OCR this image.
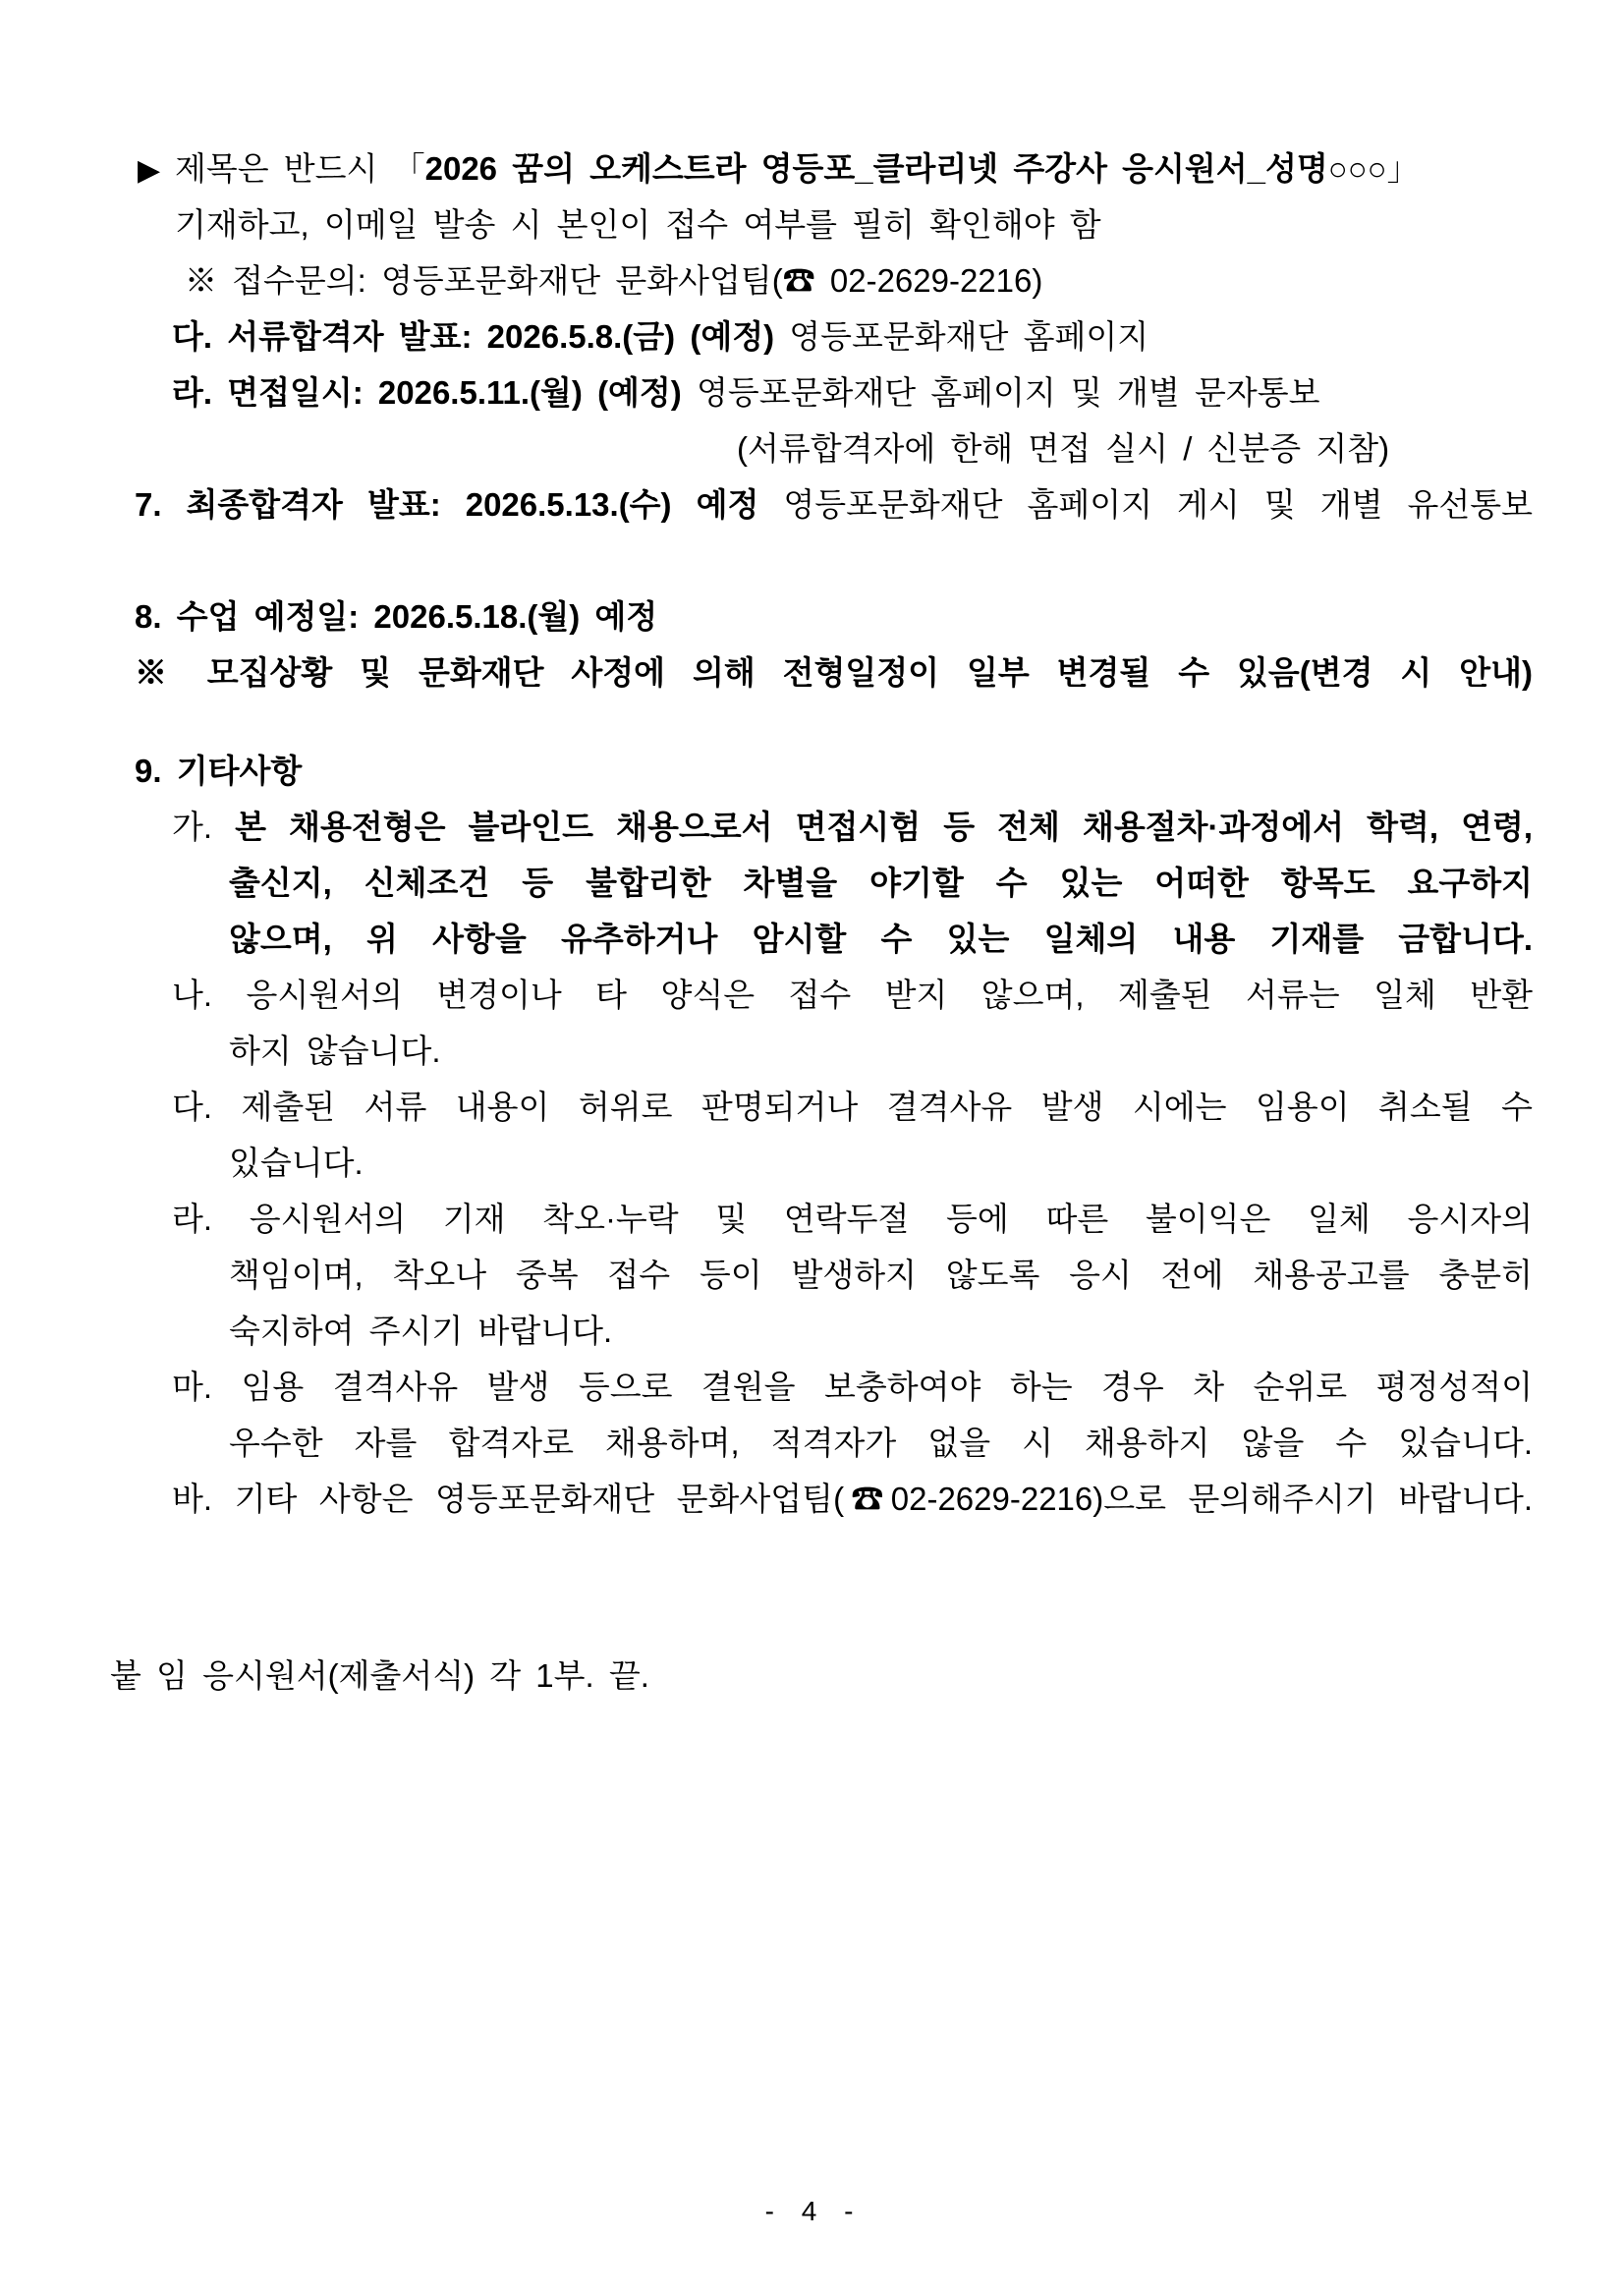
▶ 제목은 반드시 「2026 꿈의 오케스트라 영등포_클라리넷 주강사 응시원서_성명○○○」
기재하고, 이메일 발송 시 본인이 접수 여부를 필히 확인해야 함
※ 접수문의: 영등포문화재단 문화사업팀(☎ 02-2629-2216)
다. 서류합격자 발표: 2026.5.8.(금) (예정) 영등포문화재단 홈페이지
라. 면접일시: 2026.5.11.(월) (예정) 영등포문화재단 홈페이지 및 개별 문자통보
(서류합격자에 한해 면접 실시 / 신분증 지참)
7. 최종합격자 발표: 2026.5.13.(수) 예정 영등포문화재단 홈페이지 게시 및 개별 유선통보
8. 수업 예정일: 2026.5.18.(월) 예정
※ 모집상황 및 문화재단 사정에 의해 전형일정이 일부 변경될 수 있음(변경 시 안내)
9. 기타사항
가. 본 채용전형은 블라인드 채용으로서 면접시험 등 전체 채용절차·과정에서 학력, 연령,
출신지, 신체조건 등 불합리한 차별을 야기할 수 있는 어떠한 항목도 요구하지
않으며, 위 사항을 유추하거나 암시할 수 있는 일체의 내용 기재를 금합니다.
나. 응시원서의 변경이나 타 양식은 접수 받지 않으며, 제출된 서류는 일체 반환
하지 않습니다.
다. 제출된 서류 내용이 허위로 판명되거나 결격사유 발생 시에는 임용이 취소될 수
있습니다.
라. 응시원서의 기재 착오·누락 및 연락두절 등에 따른 불이익은 일체 응시자의
책임이며, 착오나 중복 접수 등이 발생하지 않도록 응시 전에 채용공고를 충분히
숙지하여 주시기 바랍니다.
마. 임용 결격사유 발생 등으로 결원을 보충하여야 하는 경우 차 순위로 평정성적이
우수한 자를 합격자로 채용하며, 적격자가 없을 시 채용하지 않을 수 있습니다.
바. 기타 사항은 영등포문화재단 문화사업팀(☎02-2629-2216)으로 문의해주시기 바랍니다.
붙 임 응시원서(제출서식) 각 1부. 끝.
- 4 -
